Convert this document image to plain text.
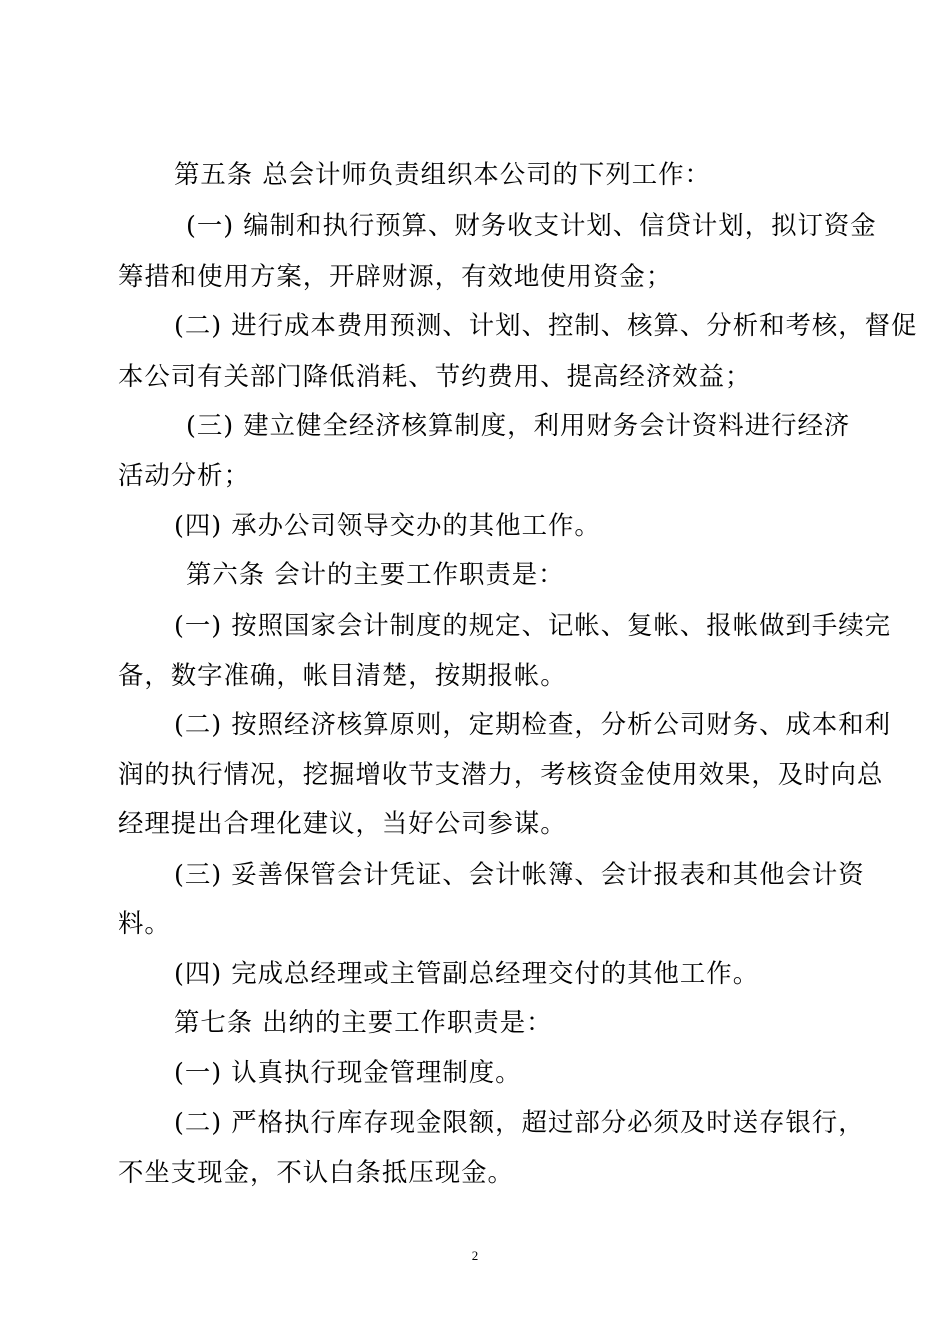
第五条 总会计师负责组织本公司的下列工作：
(一) 编制和执行预算、财务收支计划、信贷计划，拟订资金
筹措和使用方案，开辟财源，有效地使用资金；
(二) 进行成本费用预测、计划、控制、核算、分析和考核，督促
本公司有关部门降低消耗、节约费用、提高经济效益；
(三) 建立健全经济核算制度，利用财务会计资料进行经济
活动分析；
(四) 承办公司领导交办的其他工作。
第六条 会计的主要工作职责是：
(一) 按照国家会计制度的规定、记帐、复帐、报帐做到手续完
备，数字准确，帐目清楚，按期报帐。
(二) 按照经济核算原则，定期检查，分析公司财务、成本和利
润的执行情况，挖掘增收节支潜力，考核资金使用效果，及时向总
经理提出合理化建议，当好公司参谋。
(三) 妥善保管会计凭证、会计帐簿、会计报表和其他会计资
料。
(四) 完成总经理或主管副总经理交付的其他工作。
第七条 出纳的主要工作职责是：
(一) 认真执行现金管理制度。
(二) 严格执行库存现金限额，超过部分必须及时送存银行，
不坐支现金，不认白条抵压现金。
2
